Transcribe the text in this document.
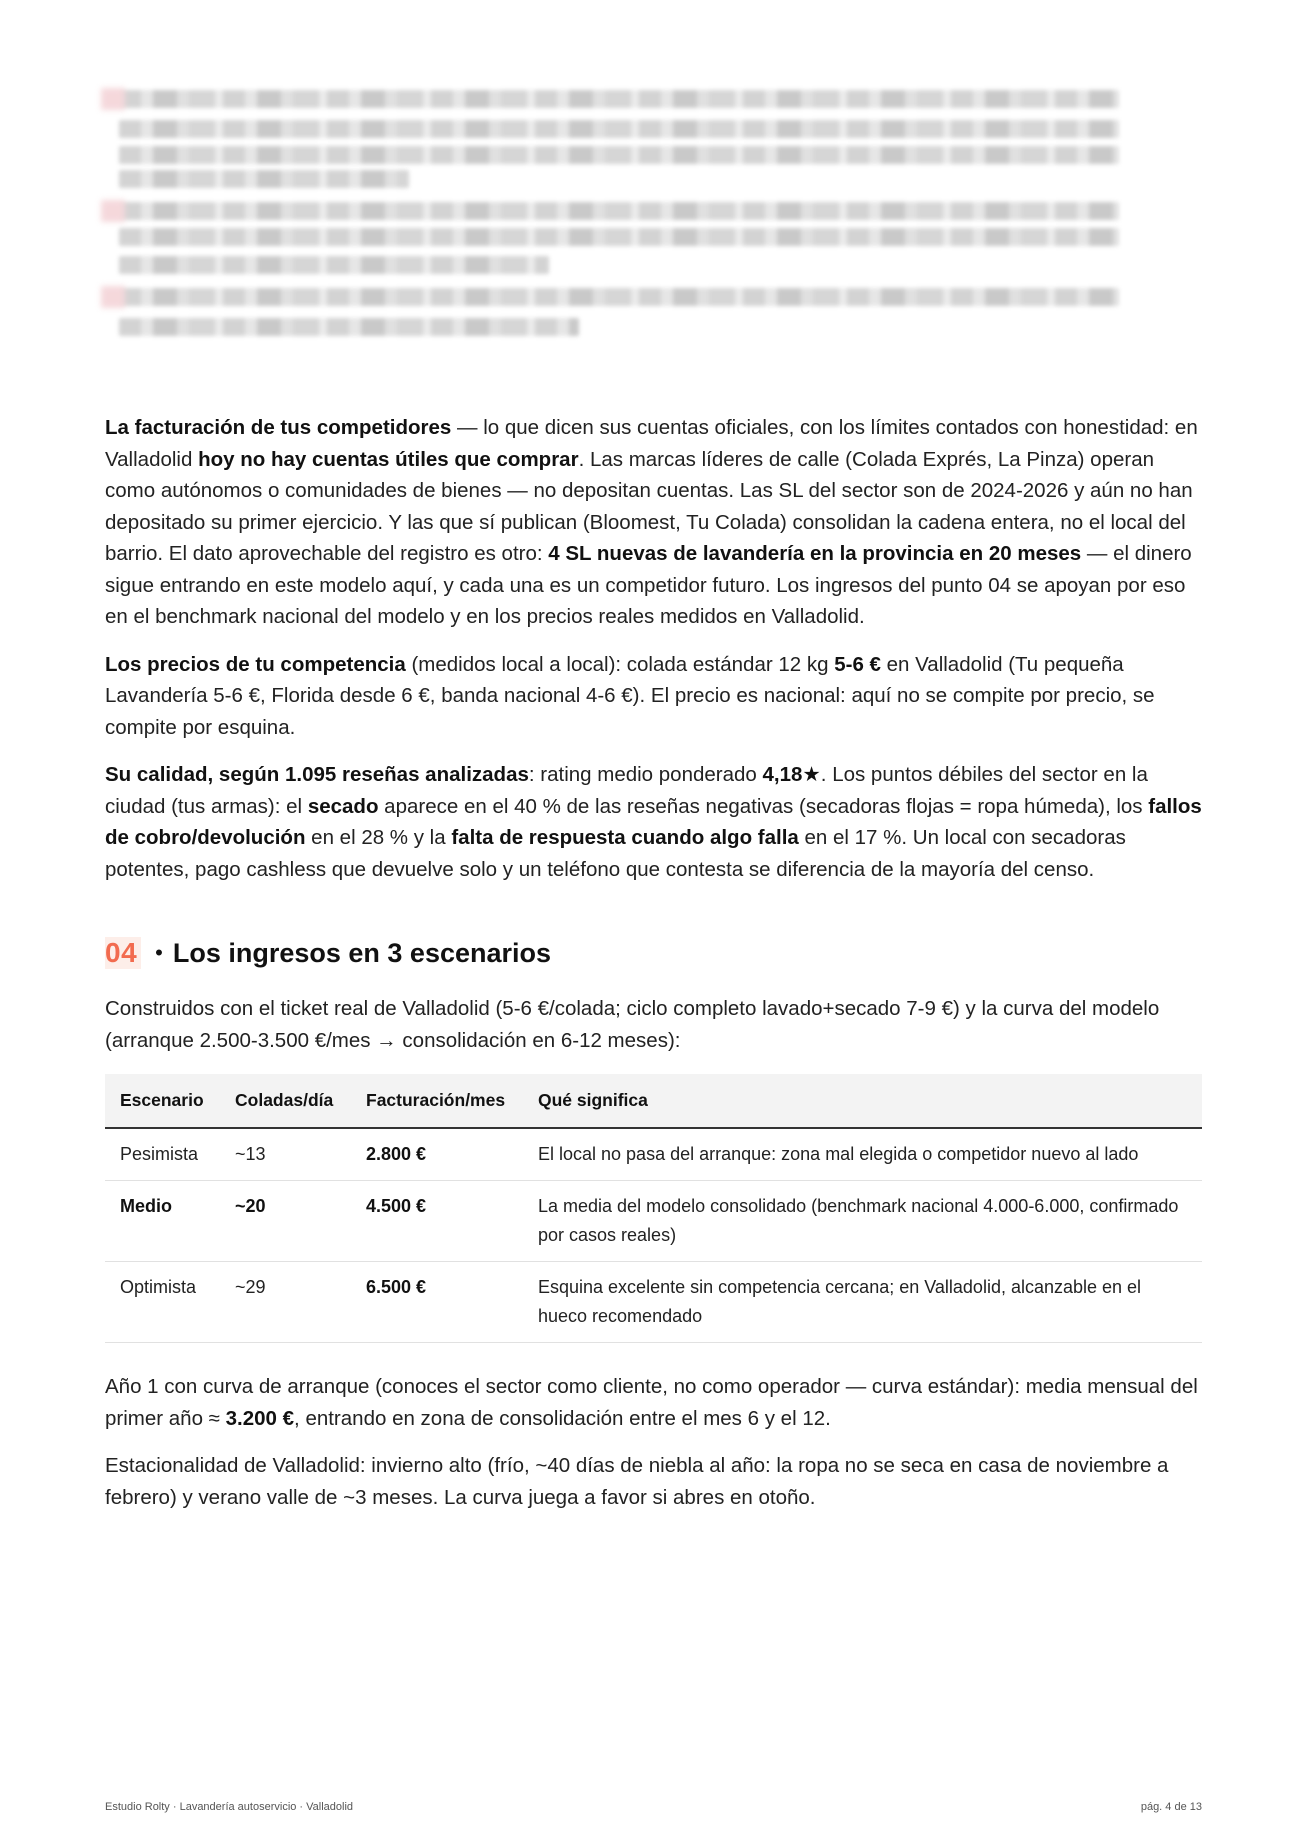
La facturación de tus competidores — lo que dicen sus cuentas oficiales, con los límites contados con honestidad: en Valladolid hoy no hay cuentas útiles que comprar. Las marcas líderes de calle (Colada Exprés, La Pinza) operan como autónomos o comunidades de bienes — no depositan cuentas. Las SL del sector son de 2024-2026 y aún no han depositado su primer ejercicio. Y las que sí publican (Bloomest, Tu Colada) consolidan la cadena entera, no el local del barrio. El dato aprovechable del registro es otro: 4 SL nuevas de lavandería en la provincia en 20 meses — el dinero sigue entrando en este modelo aquí, y cada una es un competidor futuro. Los ingresos del punto 04 se apoyan por eso en el benchmark nacional del modelo y en los precios reales medidos en Valladolid.

Los precios de tu competencia (medidos local a local): colada estándar 12 kg 5-6 € en Valladolid (Tu pequeña Lavandería 5-6 €, Florida desde 6 €, banda nacional 4-6 €). El precio es nacional: aquí no se compite por precio, se compite por esquina.

Su calidad, según 1.095 reseñas analizadas: rating medio ponderado 4,18★. Los puntos débiles del sector en la ciudad (tus armas): el secado aparece en el 40 % de las reseñas negativas (secadoras flojas = ropa húmeda), los fallos de cobro/devolución en el 28 % y la falta de respuesta cuando algo falla en el 17 %. Un local con secadoras potentes, pago cashless que devuelve solo y un teléfono que contesta se diferencia de la mayoría del censo.

04 • Los ingresos en 3 escenarios

Construidos con el ticket real de Valladolid (5-6 €/colada; ciclo completo lavado+secado 7-9 €) y la curva del modelo (arranque 2.500-3.500 €/mes → consolidación en 6-12 meses):

Escenario	Coladas/día	Facturación/mes	Qué significa
Pesimista	~13	2.800 €	El local no pasa del arranque: zona mal elegida o competidor nuevo al lado
Medio	~20	4.500 €	La media del modelo consolidado (benchmark nacional 4.000-6.000, confirmado por casos reales)
Optimista	~29	6.500 €	Esquina excelente sin competencia cercana; en Valladolid, alcanzable en el hueco recomendado

Año 1 con curva de arranque (conoces el sector como cliente, no como operador — curva estándar): media mensual del primer año ≈ 3.200 €, entrando en zona de consolidación entre el mes 6 y el 12.

Estacionalidad de Valladolid: invierno alto (frío, ~40 días de niebla al año: la ropa no se seca en casa de noviembre a febrero) y verano valle de ~3 meses. La curva juega a favor si abres en otoño.

Estudio Rolty · Lavandería autoservicio · Valladolid	pág. 4 de 13
